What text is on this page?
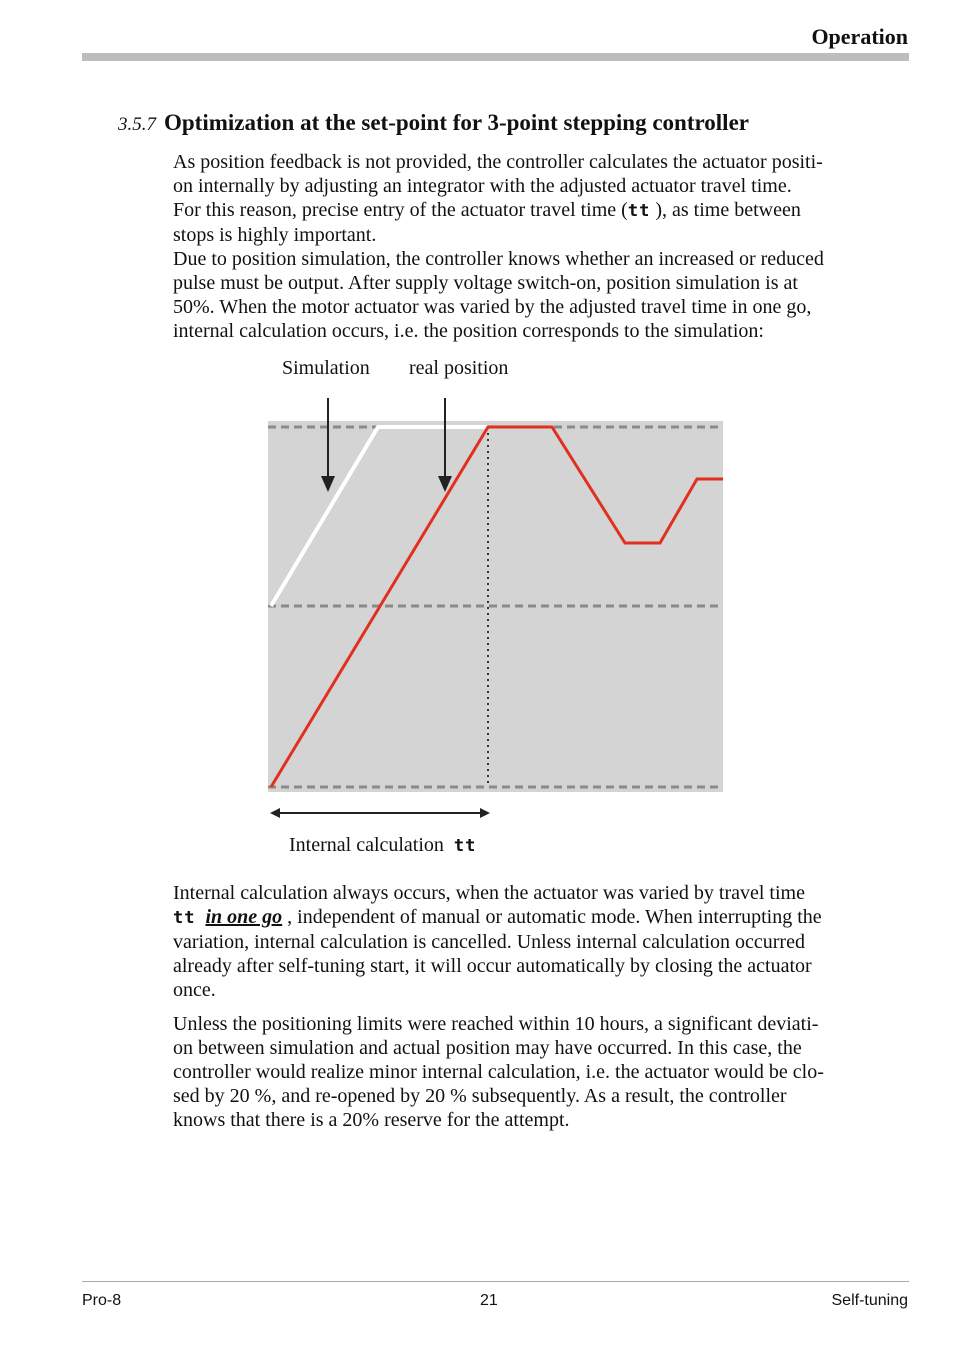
Operation
3.5.7 Optimization at the set-point for 3-point stepping controller

As position feedback is not provided, the controller calculates the actuator positi-

on internally by adjusting an integrator with the adjusted actuator travel time.

For this reason, precise entry of the actuator travel time (tt ), as time between

stops is highly important.

Due to position simulation, the controller knows whether an increased or reduced

pulse must be output. After supply voltage switch-on, position simulation is at

50%. When the motor actuator was varied by the adjusted travel time in one go,

internal calculation occurs, i.e. the position corresponds to the simulation:

Simulation real position
Internal calculation tt

Internal calculation always occurs, when the actuator was varied by travel time

tt in one go , independent of manual or automatic mode. When interrupting the

variation, internal calculation is cancelled. Unless internal calculation occurred

already after self-tuning start, it will occur automatically by closing the actuator

once.

Unless the positioning limits were reached within 10 hours, a significant deviati-

on between simulation and actual position may have occurred. In this case, the

controller would realize minor internal calculation, i.e. the actuator would be clo-

sed by 20 %, and re-opened by 20 % subsequently. As a result, the controller

knows that there is a 20% reserve for the attempt.

Pro-8	21	Self-tuning
